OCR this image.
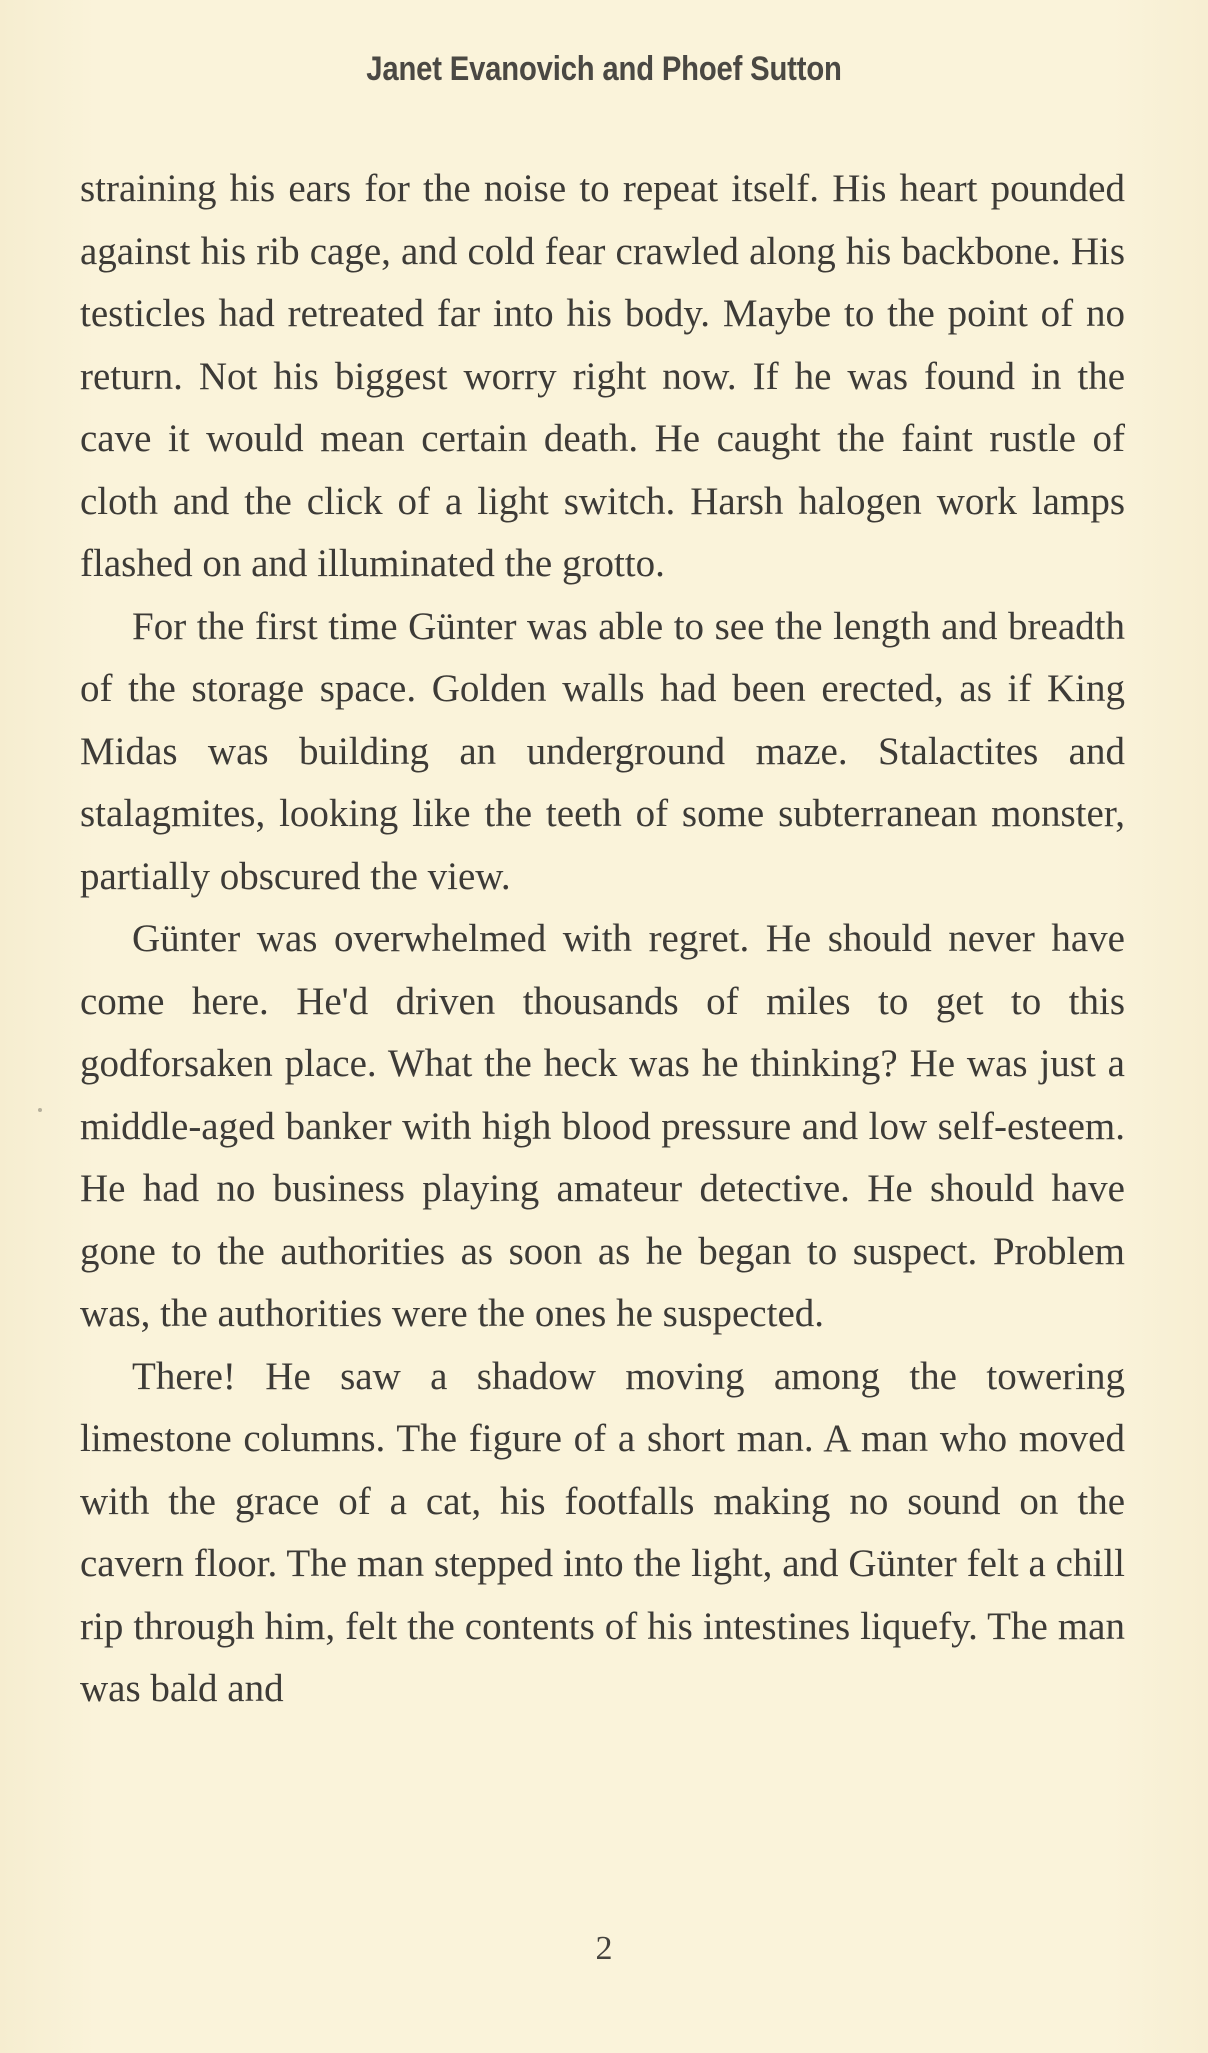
Janet Evanovich and Phoef Sutton

straining his ears for the noise to repeat itself. His heart pounded against his rib cage, and cold fear crawled along his backbone. His testicles had retreated far into his body. Maybe to the point of no return. Not his biggest worry right now. If he was found in the cave it would mean certain death. He caught the faint rustle of cloth and the click of a light switch. Harsh halogen work lamps flashed on and illuminated the grotto.

For the first time Günter was able to see the length and breadth of the storage space. Golden walls had been erected, as if King Midas was building an underground maze. Stalactites and stalagmites, looking like the teeth of some subterranean monster, partially obscured the view.

Günter was overwhelmed with regret. He should never have come here. He'd driven thousands of miles to get to this godforsaken place. What the heck was he thinking? He was just a middle-aged banker with high blood pressure and low self-esteem. He had no business playing amateur detective. He should have gone to the authorities as soon as he began to suspect. Problem was, the authorities were the ones he suspected.

There! He saw a shadow moving among the towering limestone columns. The figure of a short man. A man who moved with the grace of a cat, his footfalls making no sound on the cavern floor. The man stepped into the light, and Günter felt a chill rip through him, felt the contents of his intestines liquefy. The man was bald and

2
